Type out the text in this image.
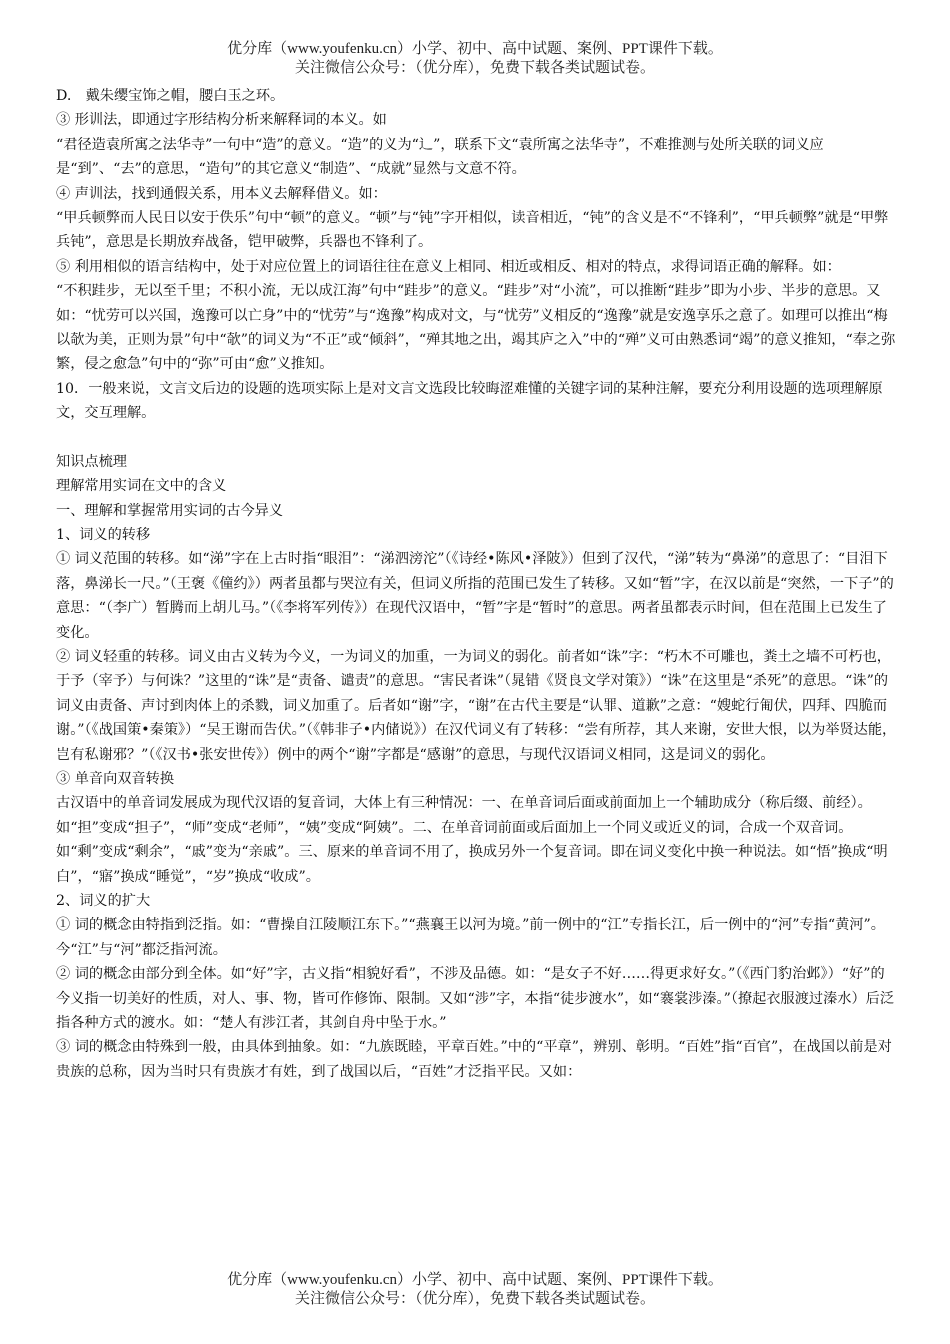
优分库（www.youfenku.cn）小学、初中、高中试题、案例、PPT课件下载。
关注微信公众号：（优分库），免费下载各类试题试卷。

D.　戴朱缨宝饰之帽，腰白玉之环。

③ 形训法，即通过字形结构分析来解释词的本义。如

“君径造袁所寓之法华寺”一句中“造”的意义。“造”的义为“辶”，联系下文“袁所寓之法华寺”，不难推测与处所关联的词义应是“到”、“去”的意思，“造句”的其它意义“制造”、“成就”显然与文意不符。

④ 声训法，找到通假关系，用本义去解释借义。如：

“甲兵顿弊而人民日以安于佚乐”句中“顿”的意义。“顿”与“钝”字开相似，读音相近，“钝”的含义是不“不锋利”，“甲兵顿弊”就是“甲弊兵钝”，意思是长期放弃战备，铠甲破弊，兵器也不锋利了。

⑤ 利用相似的语言结构中，处于对应位置上的词语往往在意义上相同、相近或相反、相对的特点，求得词语正确的解释。如：

“不积跬步，无以至千里；不积小流，无以成江海”句中“跬步”的意义。“跬步”对“小流”，可以推断“跬步”即为小步、半步的意思。又如：“忧劳可以兴国，逸豫可以亡身”中的“忧劳”与“逸豫”构成对文，与“忧劳”义相反的“逸豫”就是安逸享乐之意了。如理可以推出“梅以欹为美，正则为景”句中“欹”的词义为“不正”或“倾斜”，“殚其地之出，竭其庐之入”中的“殚”义可由熟悉词“竭”的意义推知，“奉之弥繁，侵之愈急”句中的“弥”可由“愈”义推知。

10．一般来说，文言文后边的设题的选项实际上是对文言文选段比较晦涩难懂的关键字词的某种注解，要充分利用设题的选项理解原文，交互理解。

知识点梳理

理解常用实词在文中的含义

一、理解和掌握常用实词的古今异义

1、词义的转移

① 词义范围的转移。如“涕”字在上古时指“眼泪”：“涕泗滂沱”（《诗经•陈风•泽陂》）但到了汉代，“涕”转为“鼻涕”的意思了：“目泪下落，鼻涕长一尺。”（王褒《僮约》）两者虽都与哭泣有关，但词义所指的范围已发生了转移。又如“暂”字，在汉以前是“突然，一下子”的意思：“（李广）暂腾而上胡儿马。”（《李将军列传》）在现代汉语中，“暂”字是“暂时”的意思。两者虽都表示时间，但在范围上已发生了变化。

② 词义轻重的转移。词义由古义转为今义，一为词义的加重，一为词义的弱化。前者如“诛”字：“朽木不可雕也，粪土之墙不可朽也，于予（宰予）与何诛？”这里的“诛”是“责备、谴责”的意思。“害民者诛”（晁错《贤良文学对策》）“诛”在这里是“杀死”的意思。“诛”的词义由责备、声讨到肉体上的杀戮，词义加重了。后者如“谢”字，“谢”在古代主要是“认罪、道歉”之意：“嫂蛇行匍伏，四拜、四脆而谢。”（《战国策•秦策》）“吴王谢而告伏。”（《韩非子•内储说》）在汉代词义有了转移：“尝有所荐，其人来谢，安世大恨，以为举贤达能，岂有私谢邪？”（《汉书•张安世传》）例中的两个“谢”字都是“感谢”的意思，与现代汉语词义相同，这是词义的弱化。

③ 单音向双音转换

古汉语中的单音词发展成为现代汉语的复音词，大体上有三种情况：一、在单音词后面或前面加上一个辅助成分（称后缀、前经）。如“担”变成“担子”，“师”变成“老师”，“姨”变成“阿姨”。二、在单音词前面或后面加上一个同义或近义的词，合成一个双音词。如“剩”变成“剩余”，“戚”变为“亲戚”。三、原来的单音词不用了，换成另外一个复音词。即在词义变化中换一种说法。如“悟”换成“明白”，“寤”换成“睡觉”，“岁”换成“收成”。

2、词义的扩大

① 词的概念由特指到泛指。如：“曹操自江陵顺江东下。”“燕襄王以河为境。”前一例中的“江”专指长江，后一例中的“河”专指“黄河”。今“江”与“河”都泛指河流。

② 词的概念由部分到全体。如“好”字，古义指“相貌好看”，不涉及品德。如：“是女子不好……得更求好女。”（《西门豹治邺》）“好”的今义指一切美好的性质，对人、事、物，皆可作修饰、限制。又如“涉”字，本指“徒步渡水”，如“褰裳涉溱。”（撩起衣服渡过溱水）后泛指各种方式的渡水。如：“楚人有涉江者，其剑自舟中坠于水。”

③ 词的概念由特殊到一般，由具体到抽象。如：“九族既睦，平章百姓。”中的“平章”，辨别、彰明。“百姓”指“百官”，在战国以前是对贵族的总称，因为当时只有贵族才有姓，到了战国以后，“百姓”才泛指平民。又如：

优分库（www.youfenku.cn）小学、初中、高中试题、案例、PPT课件下载。
关注微信公众号：（优分库），免费下载各类试题试卷。
